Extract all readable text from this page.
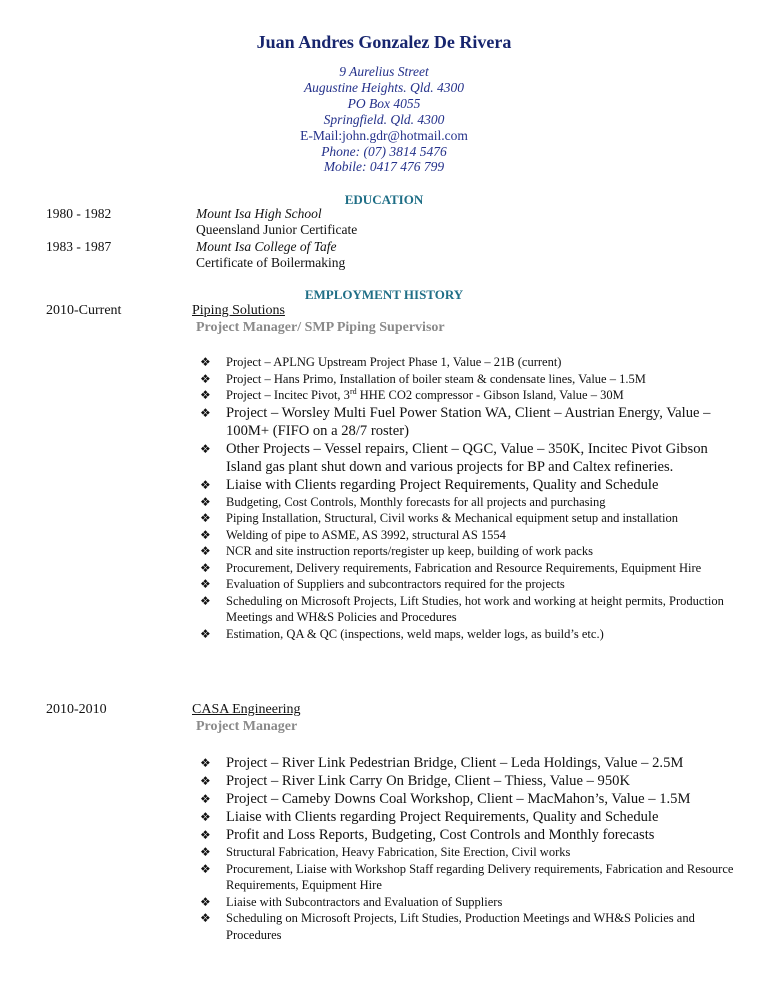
Juan Andres Gonzalez De Rivera
9 Aurelius Street
Augustine Heights. Qld. 4300
PO Box 4055
Springfield. Qld. 4300
E-Mail:john.gdr@hotmail.com
Phone: (07) 3814 5476
Mobile: 0417 476 799
EDUCATION
1980 - 1982	Mount Isa High School
Queensland Junior Certificate
1983 - 1987	Mount Isa College of Tafe
Certificate of Boilermaking
EMPLOYMENT HISTORY
2010-Current	Piping Solutions
Project Manager/ SMP Piping Supervisor
❖ Project – APLNG Upstream Project Phase 1, Value – 21B (current)
❖ Project – Hans Primo, Installation of boiler steam & condensate lines, Value – 1.5M
❖ Project – Incitec Pivot, 3rd HHE CO2 compressor - Gibson Island, Value – 30M
❖ Project – Worsley Multi Fuel Power Station WA, Client – Austrian Energy, Value – 100M+ (FIFO on a 28/7 roster)
❖ Other Projects – Vessel repairs, Client – QGC, Value – 350K, Incitec Pivot Gibson Island gas plant shut down and various projects for BP and Caltex refineries.
❖ Liaise with Clients regarding Project Requirements, Quality and Schedule
❖ Budgeting, Cost Controls, Monthly forecasts for all projects and purchasing
❖ Piping Installation, Structural, Civil works & Mechanical equipment setup and installation
❖ Welding of pipe to ASME, AS 3992, structural AS 1554
❖ NCR and site instruction reports/register up keep, building of work packs
❖ Procurement, Delivery requirements, Fabrication and Resource Requirements, Equipment Hire
❖ Evaluation of Suppliers and subcontractors required for the projects
❖ Scheduling on Microsoft Projects, Lift Studies, hot work and working at height permits, Production Meetings and WH&S Policies and Procedures
❖ Estimation, QA & QC (inspections, weld maps, welder logs, as build’s etc.)
2010-2010	CASA Engineering
Project Manager
❖ Project – River Link Pedestrian Bridge, Client – Leda Holdings, Value – 2.5M
❖ Project – River Link Carry On Bridge, Client – Thiess, Value – 950K
❖ Project – Cameby Downs Coal Workshop, Client – MacMahon’s, Value – 1.5M
❖ Liaise with Clients regarding Project Requirements, Quality and Schedule
❖ Profit and Loss Reports, Budgeting, Cost Controls and Monthly forecasts
❖ Structural Fabrication, Heavy Fabrication, Site Erection, Civil works
❖ Procurement, Liaise with Workshop Staff regarding Delivery requirements, Fabrication and Resource Requirements, Equipment Hire
❖ Liaise with Subcontractors and Evaluation of Suppliers
❖ Scheduling on Microsoft Projects, Lift Studies, Production Meetings and WH&S Policies and Procedures
